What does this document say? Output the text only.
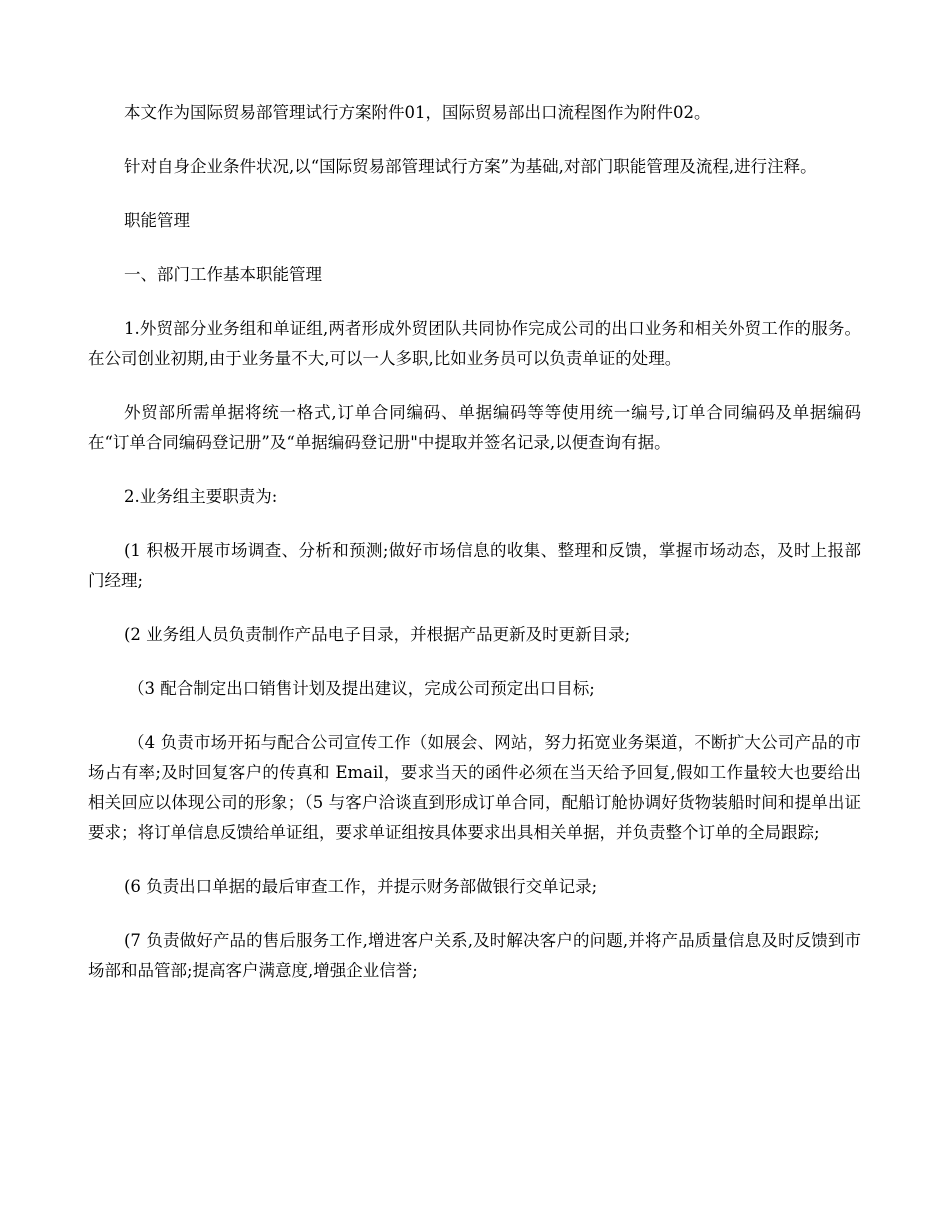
本文作为国际贸易部管理试行方案附件01，国际贸易部出口流程图作为附件02。

针对自身企业条件状况,以“国际贸易部管理试行方案”为基础,对部门职能管理及流程,进行注释。

职能管理

一、部门工作基本职能管理

1.外贸部分业务组和单证组,两者形成外贸团队共同协作完成公司的出口业务和相关外贸工作的服务。在公司创业初期,由于业务量不大,可以一人多职,比如业务员可以负责单证的处理。

外贸部所需单据将统一格式,订单合同编码、单据编码等等使用统一编号,订单合同编码及单据编码在“订单合同编码登记册”及“单据编码登记册"中提取并签名记录,以便查询有据。

2.业务组主要职责为:

(1 积极开展市场调查、分析和预测;做好市场信息的收集、整理和反馈，掌握市场动态，及时上报部门经理;

(2 业务组人员负责制作产品电子目录，并根据产品更新及时更新目录;

（3 配合制定出口销售计划及提出建议，完成公司预定出口目标;

（4 负责市场开拓与配合公司宣传工作（如展会、网站，努力拓宽业务渠道，不断扩大公司产品的市场占有率;及时回复客户的传真和 Email，要求当天的函件必须在当天给予回复,假如工作量较大也要给出相关回应以体现公司的形象；（5 与客户洽谈直到形成订单合同，配船订舱协调好货物装船时间和提单出证要求；将订单信息反馈给单证组，要求单证组按具体要求出具相关单据，并负责整个订单的全局跟踪;

(6 负责出口单据的最后审查工作，并提示财务部做银行交单记录;

(7 负责做好产品的售后服务工作,增进客户关系,及时解决客户的问题,并将产品质量信息及时反馈到市场部和品管部;提高客户满意度,增强企业信誉;
